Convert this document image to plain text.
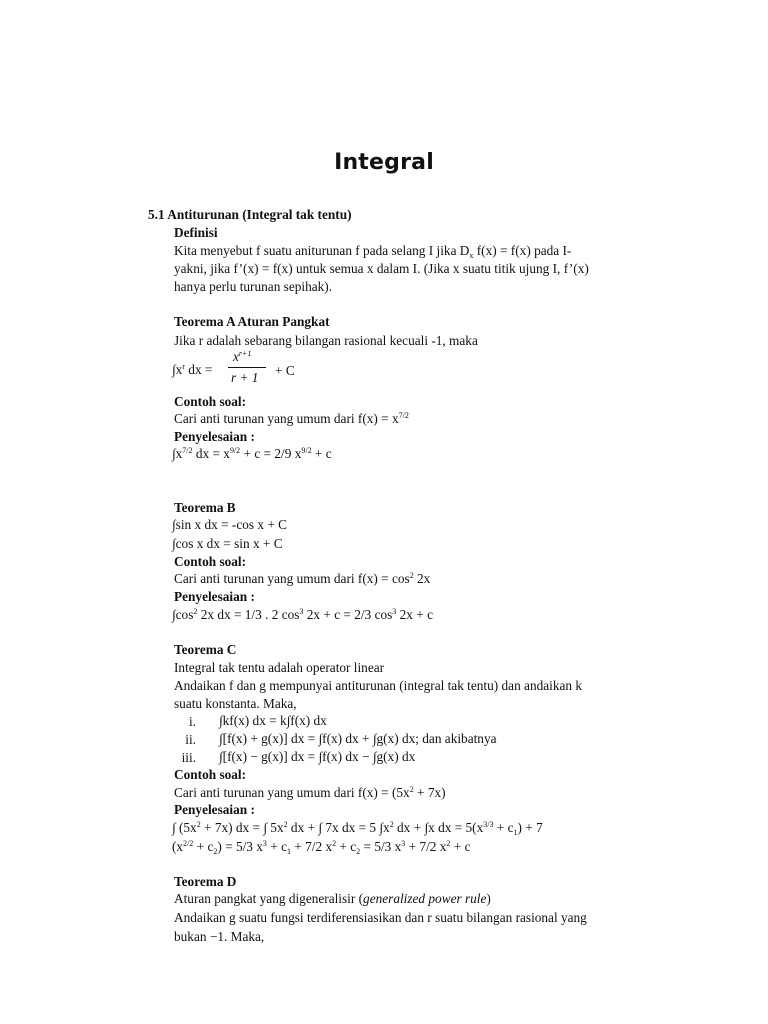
Integral
5.1 Antiturunan (Integral tak tentu)
Definisi
Kita menyebut f suatu aniturunan f pada selang I jika $D_x$ f(x) = f(x) pada I-
yakni, jika f’(x) = f(x) untuk semua x dalam I. (Jika x suatu titik ujung I, f’(x)
hanya perlu turunan sepihak).
Teorema A Aturan Pangkat
Jika r adalah sebarang bilangan rasional kecuali -1, maka
$\int x^r$ dx =
$x^{r+1}$
r + 1 + C
Contoh soal:
Cari anti turunan yang umum dari $f(x) = x^{7/2}$
Penyelesaian :
$\int x^{7/2}$ dx = $x^{9/2} + c = 2/9$ $x^{9/2} + c$
Teorema B
∫sin x dx = -cos x + C
∫cos x dx = sin x + C
Contoh soal:
Cari anti turunan yang umum dari $f(x) = \cos^2 2x$
Penyelesaian :
$\int\cos^2$ 2x dx = 1/3 . 2 $\cos^3 2x + c = 2/3$ $\cos^3 2x + c$
Teorema C
Integral tak tentu adalah operator linear
Andaikan f dan g mempunyai antiturunan (integral tak tentu) dan andaikan k
suatu konstanta. Maka,
i. ∫kf(x) dx = k∫f(x) dx
ii. ∫[f(x) + g(x)] dx = ∫f(x) dx + ∫g(x) dx; dan akibatnya
iii. ∫[f(x) − g(x)] dx = ∫f(x) dx − ∫g(x) dx
Contoh soal:
Cari anti turunan yang umum dari $f(x) = (5x^2 + 7x)$
Penyelesaian :
∫ $(5x^2 + 7x)$ dx = ∫ $5x^2$ dx + ∫ 7x dx = 5 $\int x^2$ dx + ∫x dx = $5(x^{3/3} + c_1) + 7$
$(x^{2/2} + c_2) = 5/3$ $x^3 + c_1 + 7/2$ $x^2 + c_2 = 5/3$ $x^3 + 7/2$ $x^2 + c$
Teorema D
Aturan pangkat yang digeneralisir (generalized power rule)
Andaikan g suatu fungsi terdiferensiasikan dan r suatu bilangan rasional yang
bukan −1. Maka,
